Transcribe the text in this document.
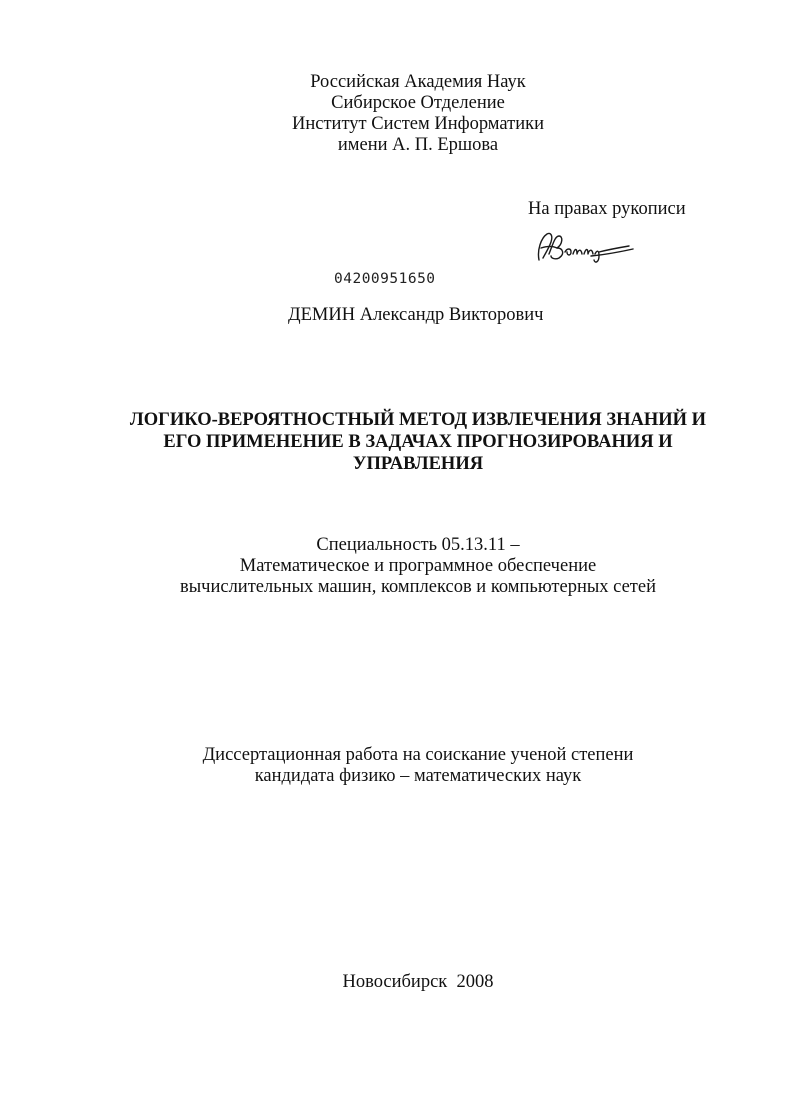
Российская Академия Наук
Сибирское Отделение
Институт Систем Информатики
имени А. П. Ершова
На правах рукописи
04200951650
ДЕМИН Александр Викторович
ЛОГИКО-ВЕРОЯТНОСТНЫЙ МЕТОД ИЗВЛЕЧЕНИЯ ЗНАНИЙ И
ЕГО ПРИМЕНЕНИЕ В ЗАДАЧАХ ПРОГНОЗИРОВАНИЯ И
УПРАВЛЕНИЯ
Специальность 05.13.11 –
Математическое и программное обеспечение
вычислительных машин, комплексов и компьютерных сетей
Диссертационная работа на соискание ученой степени
кандидата физико – математических наук
Новосибирск  2008
